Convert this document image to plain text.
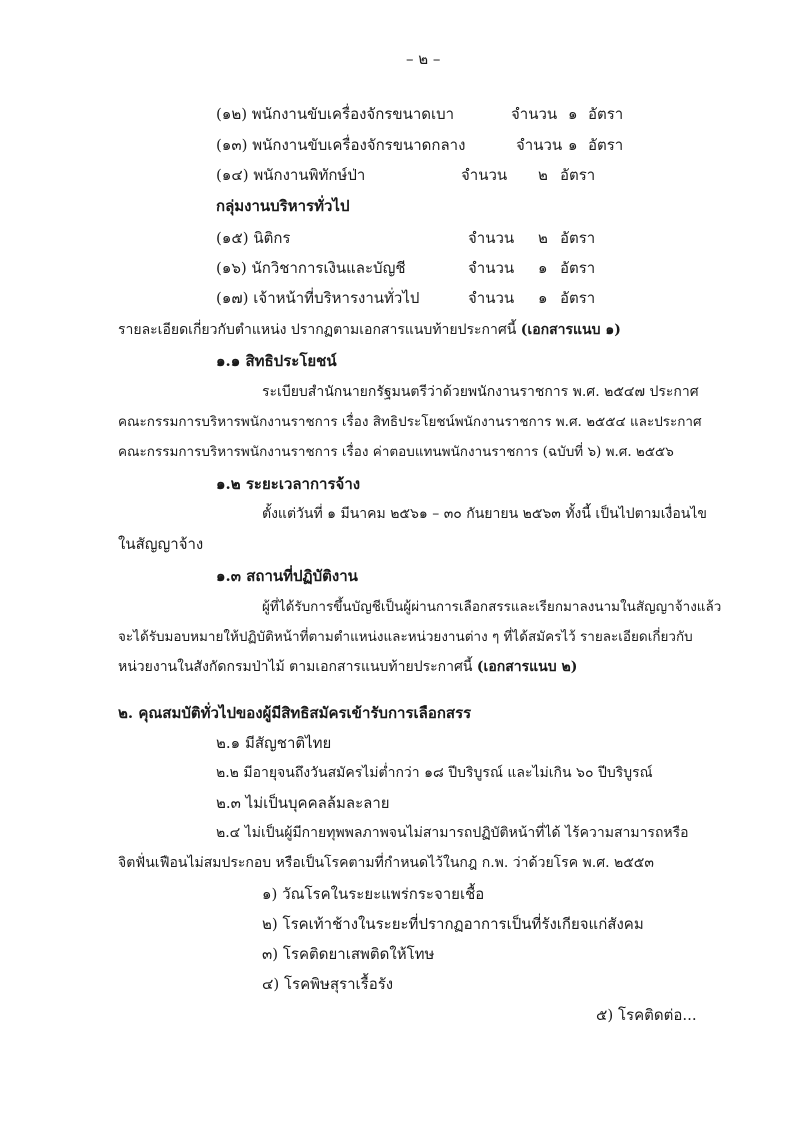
– ๒ –
(๑๒) พนักงานขับเครื่องจักรขนาดเบา	จำนวน ๑ อัตรา
(๑๓) พนักงานขับเครื่องจักรขนาดกลาง	จำนวน ๑ อัตรา
(๑๔) พนักงานพิทักษ์ป่า	จำนวน ๒ อัตรา
กลุ่มงานบริหารทั่วไป
(๑๕) นิติกร	จำนวน ๒ อัตรา
(๑๖) นักวิชาการเงินและบัญชี	จำนวน ๑ อัตรา
(๑๗) เจ้าหน้าที่บริหารงานทั่วไป	จำนวน ๑ อัตรา
รายละเอียดเกี่ยวกับตำแหน่ง ปรากฏตามเอกสารแนบท้ายประกาศนี้ (เอกสารแนบ ๑)
๑.๑ สิทธิประโยชน์
ระเบียบสำนักนายกรัฐมนตรีว่าด้วยพนักงานราชการ พ.ศ. ๒๕๔๗ ประกาศ
คณะกรรมการบริหารพนักงานราชการ เรื่อง สิทธิประโยชน์พนักงานราชการ พ.ศ. ๒๕๕๔ และประกาศ
คณะกรรมการบริหารพนักงานราชการ เรื่อง ค่าตอบแทนพนักงานราชการ (ฉบับที่ ๖) พ.ศ. ๒๕๕๖
๑.๒ ระยะเวลาการจ้าง
ตั้งแต่วันที่ ๑ มีนาคม ๒๕๖๑ – ๓๐ กันยายน ๒๕๖๓ ทั้งนี้ เป็นไปตามเงื่อนไข
ในสัญญาจ้าง
๑.๓ สถานที่ปฏิบัติงาน
ผู้ที่ได้รับการขึ้นบัญชีเป็นผู้ผ่านการเลือกสรรและเรียกมาลงนามในสัญญาจ้างแล้ว
จะได้รับมอบหมายให้ปฏิบัติหน้าที่ตามตำแหน่งและหน่วยงานต่าง ๆ ที่ได้สมัครไว้ รายละเอียดเกี่ยวกับ
หน่วยงานในสังกัดกรมป่าไม้ ตามเอกสารแนบท้ายประกาศนี้ (เอกสารแนบ ๒)
๒. คุณสมบัติทั่วไปของผู้มีสิทธิสมัครเข้ารับการเลือกสรร
๒.๑ มีสัญชาติไทย
๒.๒ มีอายุจนถึงวันสมัครไม่ต่ำกว่า ๑๘ ปีบริบูรณ์ และไม่เกิน ๖๐ ปีบริบูรณ์
๒.๓ ไม่เป็นบุคคลล้มละลาย
๒.๔ ไม่เป็นผู้มีกายทุพพลภาพจนไม่สามารถปฏิบัติหน้าที่ได้ ไร้ความสามารถหรือ
จิตฟั่นเฟือนไม่สมประกอบ หรือเป็นโรคตามที่กำหนดไว้ในกฎ ก.พ. ว่าด้วยโรค พ.ศ. ๒๕๕๓
๑) วัณโรคในระยะแพร่กระจายเชื้อ
๒) โรคเท้าช้างในระยะที่ปรากฏอาการเป็นที่รังเกียจแก่สังคม
๓) โรคติดยาเสพติดให้โทษ
๔) โรคพิษสุราเรื้อรัง
๕) โรคติดต่อ...
